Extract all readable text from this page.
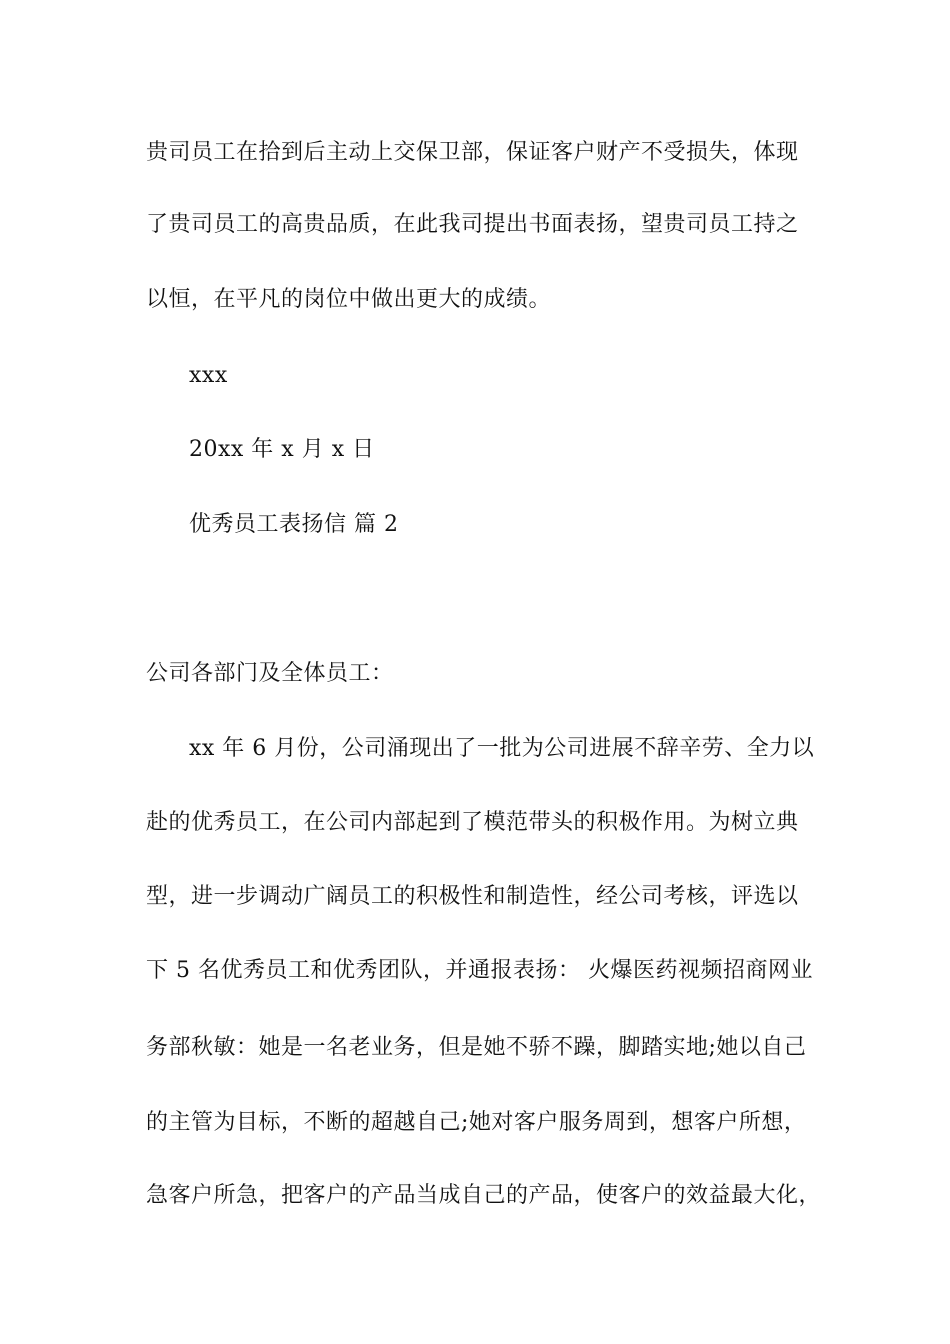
贵司员工在拾到后主动上交保卫部，保证客户财产不受损失，体现
了贵司员工的高贵品质，在此我司提出书面表扬，望贵司员工持之
以恒，在平凡的岗位中做出更大的成绩。
xxx
20xx 年 x 月 x 日
优秀员工表扬信 篇 2
公司各部门及全体员工：
xx 年 6 月份，公司涌现出了一批为公司进展不辞辛劳、全力以
赴的优秀员工，在公司内部起到了模范带头的积极作用。为树立典
型，进一步调动广阔员工的积极性和制造性，经公司考核，评选以
下 5 名优秀员工和优秀团队，并通报表扬： 火爆医药视频招商网业
务部秋敏：她是一名老业务，但是她不骄不躁，脚踏实地;她以自己
的主管为目标，不断的超越自己;她对客户服务周到，想客户所想，
急客户所急，把客户的产品当成自己的产品，使客户的效益最大化，
